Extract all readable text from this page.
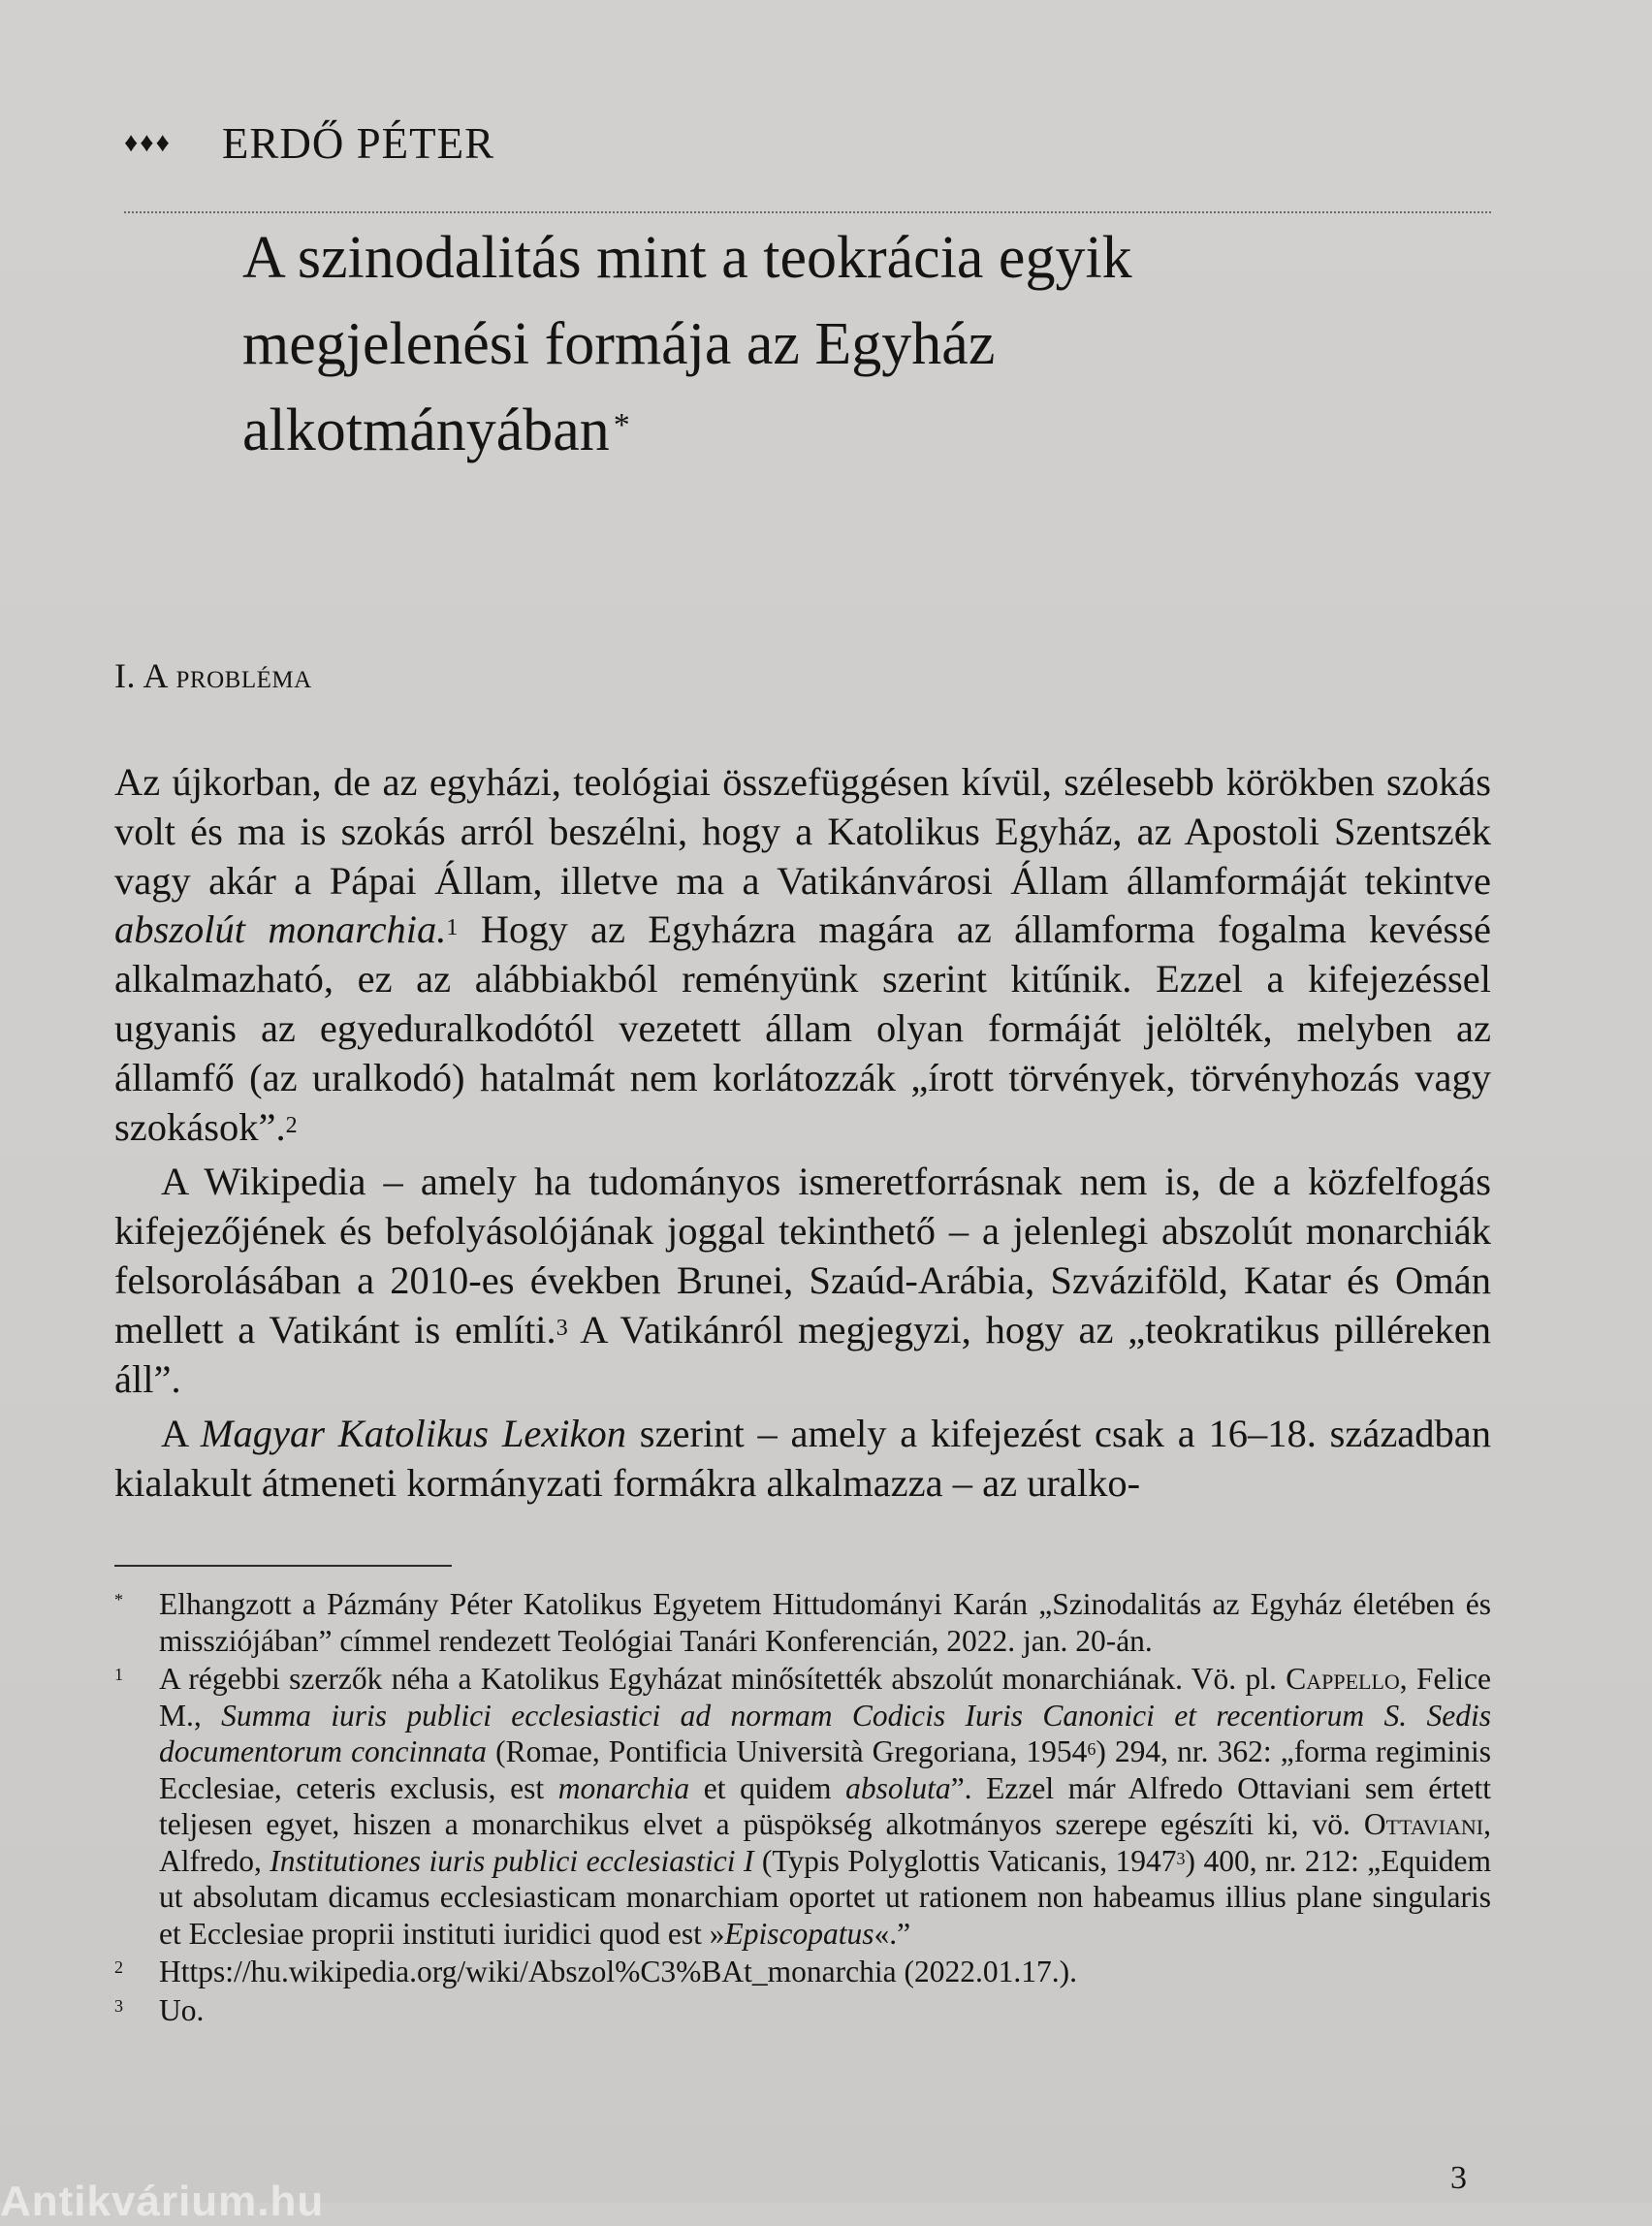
♦♦♦ ERDŐ PÉTER
A szinodalitás mint a teokrácia egyik
megjelenési formája az Egyház
alkotmányában *
I. A probléma

Az újkorban, de az egyházi, teológiai összefüggésen kívül, szélesebb körökben szokás volt és ma is szokás arról beszélni, hogy a Katolikus Egyház, az Apostoli Szentszék vagy akár a Pápai Állam, illetve ma a Vatikánvárosi Állam államformáját tekintve abszolút monarchia.$^1$ Hogy az Egyházra magára az államforma fogalma kevéssé alkalmazható, ez az alábbiakból reményünk szerint kitűnik. Ezzel a kifejezéssel ugyanis az egyeduralkodótól vezetett állam olyan formáját jelölték, melyben az államfő (az uralkodó) hatalmát nem korlátozzák „írott törvények, törvényhozás vagy szokások”.$^2$

A Wikipedia – amely ha tudományos ismeretforrásnak nem is, de a közfelfogás kifejezőjének és befolyásolójának joggal tekinthető – a jelenlegi abszolút monarchiák felsorolásában a 2010-es években Brunei, Szaúd-Arábia, Szváziföld, Katar és Omán mellett a Vatikánt is említi.$^3$ A Vatikánról megjegyzi, hogy az „teokratikus pilléreken áll”.

A Magyar Katolikus Lexikon szerint – amely a kifejezést csak a 16–18. században kialakult átmeneti kormányzati formákra alkalmazza – az uralko-

* Elhangzott a Pázmány Péter Katolikus Egyetem Hittudományi Karán „Szinodalitás az Egyház életében és missziójában” címmel rendezett Teológiai Tanári Konferencián, 2022. jan. 20-án.
1 A régebbi szerzők néha a Katolikus Egyházat minősítették abszolút monarchiának. Vö. pl. Cappello, Felice M., Summa iuris publici ecclesiastici ad normam Codicis Iuris Canonici et recentiorum S. Sedis documentorum concinnata (Romae, Pontificia Università Gregoriana, 1954$^6$) 294, nr. 362: „forma regiminis Ecclesiae, ceteris exclusis, est monarchia et quidem absoluta”. Ezzel már Alfredo Ottaviani sem értett teljesen egyet, hiszen a monarchikus elvet a püspökség alkotmányos szerepe egészíti ki, vö. Ottaviani, Alfredo, Institutiones iuris publici ecclesiastici I (Typis Polyglottis Vaticanis, 1947$^3$) 400, nr. 212: „Equidem ut absolutam dicamus ecclesiasticam monarchiam oportet ut rationem non habeamus illius plane singularis et Ecclesiae proprii instituti iuridici quod est »Episcopatus«.”
2 Https://hu.wikipedia.org/wiki/Abszol%C3%BAt_monarchia (2022.01.17.).
3 Uo.
3
Antikvárium.hu
